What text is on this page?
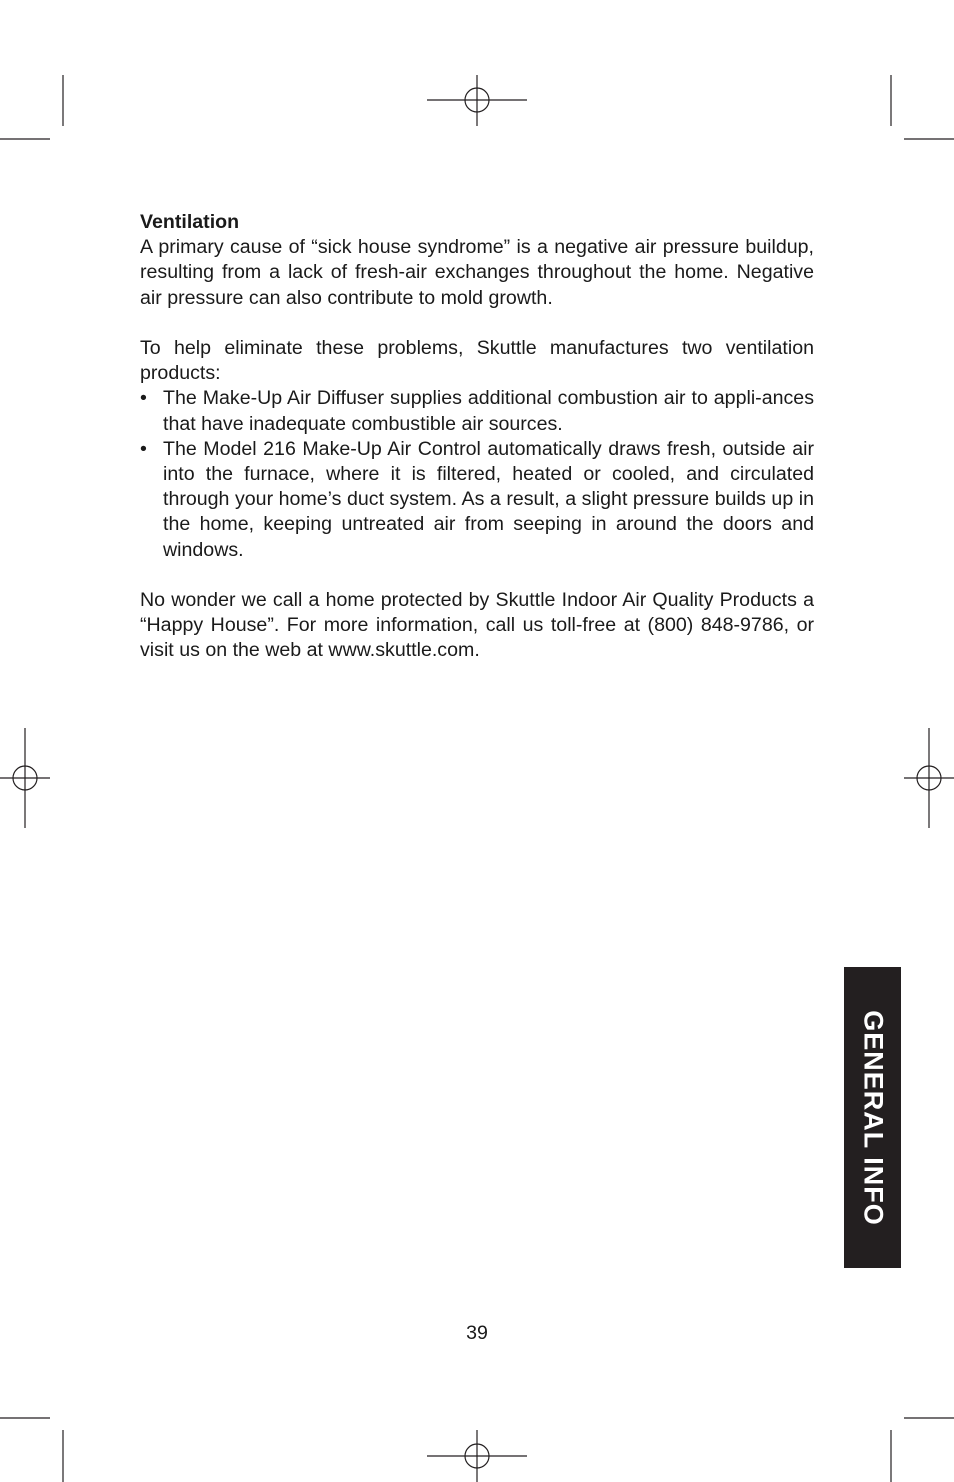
Ventilation

A primary cause of “sick house syndrome” is a negative air pressure buildup, resulting from a lack of fresh-air exchanges throughout the home. Negative air pressure can also contribute to mold growth.

To help eliminate these problems, Skuttle manufactures two ventilation products:

• The Make-Up Air Diffuser supplies additional combustion air to appli-ances that have inadequate combustible air sources.
• The Model 216 Make-Up Air Control automatically draws fresh, outside air into the furnace, where it is filtered, heated or cooled, and circulated through your home’s duct system. As a result, a slight pressure builds up in the home, keeping untreated air from seeping in around the doors and windows.

No wonder we call a home protected by Skuttle Indoor Air Quality Products a “Happy House”. For more information, call us toll-free at (800) 848-9786, or visit us on the web at www.skuttle.com.

GENERAL INFO
39
